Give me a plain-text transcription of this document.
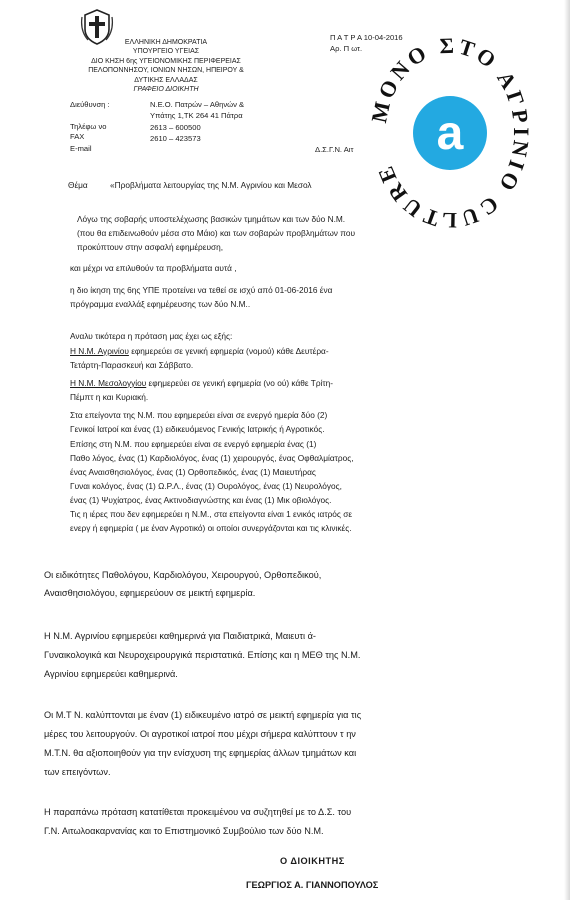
ΕΛΛΗΝΙΚΗ ΔΗΜΟΚΡΑΤΙΑ
ΥΠΟΥΡΓΕΙΟ ΥΓΕΙΑΣ
ΔΙΟ ΚΗΣΗ 6ης ΥΓΕΙΟΝΟΜΙΚΗΣ ΠΕΡΙΦΕΡΕΙΑΣ
ΠΕΛΟΠΟΝΝΗΣΟΥ, ΙΟΝΙΩΝ ΝΗΣΩΝ, ΗΠΕΙΡΟΥ &
ΔΥΤΙΚΗΣ ΕΛΛΑΔΑΣ
ΓΡΑΦΕΙΟ ΔΙΟΙΚΗΤΗ
Π Α Τ Ρ Α 10-04-2016
Αρ. Π ωτ.
Διεύθυνση :	Ν.Ε.Ο. Πατρών – Αθηνών &
Υπάτης 1,ΤΚ 264 41 Πάτρα
Τηλέφω νο	2613 – 600500
FAX	2610 – 423573
E-mail	Δ.Σ.Γ.Ν. Αιτ
Θέμα	«Προβλήματα λειτουργίας της Ν.Μ. Αγρινίου και Μεσολ
Λόγω της σοβαρής υποστελέχωσης βασικών τμημάτων και των δύο Ν.Μ.
(που θα επιδεινωθούν μέσα στο Μάιο) και των σοβαρών προβλημάτων που
προκύπτουν στην ασφαλή εφημέρευση,
και μέχρι να επιλυθούν τα προβλήματα αυτά ,
η διο ίκηση της 6ης ΥΠΕ προτείνει να τεθεί σε ισχύ από 01-06-2016 ένα
πρόγραμμα εναλλάξ εφημέρευσης των δύο Ν.Μ..
Αναλυ τικότερα η πρόταση μας έχει ως εξής:
Η Ν.Μ. Αγρινίου εφημερεύει σε γενική εφημερία (νομού) κάθε Δευτέρα-
Τετάρτη-Παρασκευή και Σάββατο.
Η Ν.Μ. Μεσολογγίου εφημερεύει σε γενική εφημερία (νο ού) κάθε Τρίτη-
Πέμπτ η και Κυριακή.
Στα επείγοντα της Ν.Μ. που εφημερεύει είναι σε ενεργό ημερία δύο (2)
Γενικοί Ιατροί και ένας (1) ειδικευόμενος Γενικής Ιατρικής ή Αγροτικός.
Επίσης στη Ν.Μ. που εφημερεύει είναι σε ενεργό εφημερία ένας (1)
Παθο λόγος, ένας (1) Καρδιολόγος, ένας (1) χειρουργός, ένας Οφθαλμίατρος,
ένας Αναισθησιολόγος, ένας (1) Ορθοπεδικός, ένας (1) Μαιευτήρας
Γυναι κολόγος, ένας (1) Ω.Ρ.Λ., ένας (1) Ουρολόγος, ένας (1) Νευρολόγος,
ένας (1) Ψυχίατρος, ένας Ακτινοδιαγνώστης και ένας (1) Μικ οβιολόγος.
Τις η ιέρες που δεν εφημερεύει η Ν.Μ., στα επείγοντα είναι 1 ενικός ιατρός σε
ενεργ ή εφημερία ( με έναν Αγροτικό) οι οποίοι συνεργάζονται και τις κλινικές.
Οι ειδικότητες Παθολόγου, Καρδιολόγου, Χειρουργού, Ορθοπεδικού,
Αναισθησιολόγου, εφημερεύουν σε μεικτή εφημερία.
Η Ν.Μ. Αγρινίου εφημερεύει καθημερινά για Παιδιατρικά, Μαιευτι ά-
Γυναικολογικά και Νευροχειρουργικά περιστατικά. Επίσης και η ΜΕΘ της Ν.Μ.
Αγρινίου εφημερεύει καθημερινά.
Οι Μ.Τ Ν. καλύπτονται με έναν (1) ειδικευμένο ιατρό σε μεικτή εφημερία για τις
μέρες του λειτουργούν. Οι αγροτικοί ιατροί που μέχρι σήμερα καλύπτουν τ ην
Μ.Τ.Ν. θα αξιοποιηθούν για την ενίσχυση της εφημερίας άλλων τμημάτων και
των επειγόντων.
Η παραπάνω πρόταση κατατίθεται προκειμένου να συζητηθεί με το Δ.Σ. του
Γ.Ν. Αιτωλοακαρνανίας και το Επιστημονικό Συμβούλιο των δύο Ν.Μ.
Ο ΔΙΟΙΚΗΤΗΣ
ΓΕΩΡΓΙΟΣ Α. ΓΙΑΝΝΟΠΟΥΛΟΣ
ΜΟΝΟ ΣΤΟ ΑΓΡΙΝΙΟ CULTURE
a
